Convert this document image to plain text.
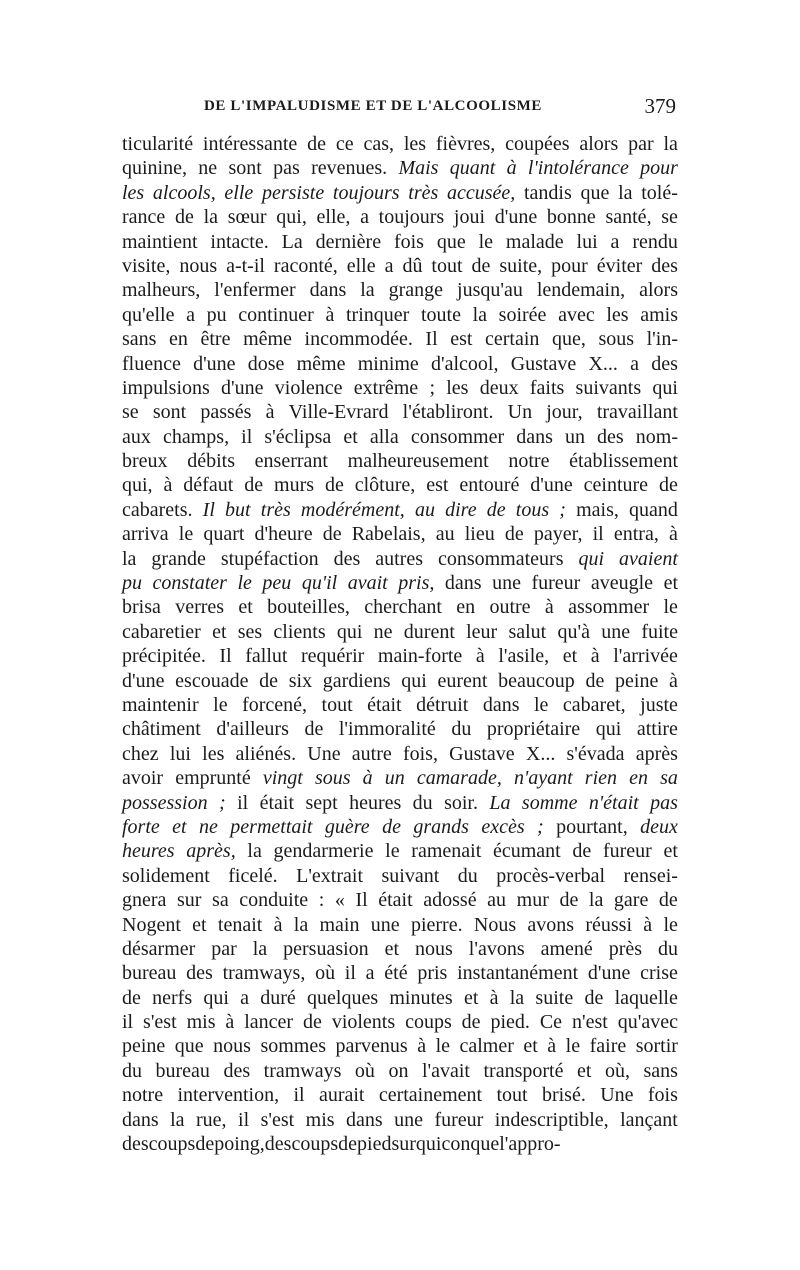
DE L'IMPALUDISME ET DE L'ALCOOLISME	379
ticularité intéressante de ce cas, les fièvres, coupées alors par la
quinine, ne sont pas revenues. Mais quant à l'intolérance pour
les alcools, elle persiste toujours très accusée, tandis que la tolé-
rance de la sœur qui, elle, a toujours joui d'une bonne santé, se
maintient intacte. La dernière fois que le malade lui a rendu
visite, nous a-t-il raconté, elle a dû tout de suite, pour éviter des
malheurs, l'enfermer dans la grange jusqu'au lendemain, alors
qu'elle a pu continuer à trinquer toute la soirée avec les amis
sans en être même incommodée. Il est certain que, sous l'in-
fluence d'une dose même minime d'alcool, Gustave X... a des
impulsions d'une violence extrême ; les deux faits suivants qui
se sont passés à Ville-Evrard l'établiront. Un jour, travaillant
aux champs, il s'éclipsa et alla consommer dans un des nom-
breux débits enserrant malheureusement notre établissement
qui, à défaut de murs de clôture, est entouré d'une ceinture de
cabarets. Il but très modérément, au dire de tous ; mais, quand
arriva le quart d'heure de Rabelais, au lieu de payer, il entra, à
la grande stupéfaction des autres consommateurs qui avaient
pu constater le peu qu'il avait pris, dans une fureur aveugle et
brisa verres et bouteilles, cherchant en outre à assommer le
cabaretier et ses clients qui ne durent leur salut qu'à une fuite
précipitée. Il fallut requérir main-forte à l'asile, et à l'arrivée
d'une escouade de six gardiens qui eurent beaucoup de peine à
maintenir le forcené, tout était détruit dans le cabaret, juste
châtiment d'ailleurs de l'immoralité du propriétaire qui attire
chez lui les aliénés. Une autre fois, Gustave X... s'évada après
avoir emprunté vingt sous à un camarade, n'ayant rien en sa
possession ; il était sept heures du soir. La somme n'était pas
forte et ne permettait guère de grands excès ; pourtant, deux
heures après, la gendarmerie le ramenait écumant de fureur et
solidement ficelé. L'extrait suivant du procès-verbal rensei-
gnera sur sa conduite : « Il était adossé au mur de la gare de
Nogent et tenait à la main une pierre. Nous avons réussi à le
désarmer par la persuasion et nous l'avons amené près du
bureau des tramways, où il a été pris instantanément d'une crise
de nerfs qui a duré quelques minutes et à la suite de laquelle
il s'est mis à lancer de violents coups de pied. Ce n'est qu'avec
peine que nous sommes parvenus à le calmer et à le faire sortir
du bureau des tramways où on l'avait transporté et où, sans
notre intervention, il aurait certainement tout brisé. Une fois
dans la rue, il s'est mis dans une fureur indescriptible, lançant
des coups de poing, des coups de pied sur quiconque l'appro-
